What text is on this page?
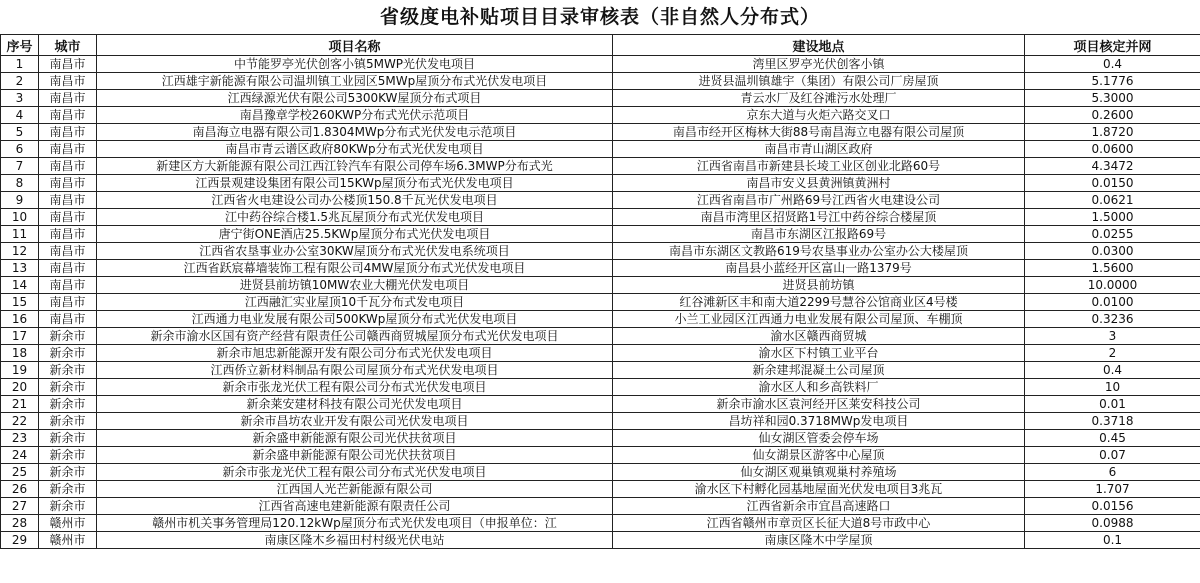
省级度电补贴项目目录审核表（非自然人分布式）
序号	城市	项目名称	建设地点	项目核定并网
1	南昌市	中节能罗亭光伏创客小镇5MWP光伏发电项目	湾里区罗亭光伏创客小镇	0.4
2	南昌市	江西雄宇新能源有限公司温圳镇工业园区5MWp屋顶分布式光伏发电项目	进贤县温圳镇雄宇（集团）有限公司厂房屋顶	5.1776
3	南昌市	江西绿源光伏有限公司5300KW屋顶分布式项目	青云水厂及红谷滩污水处理厂	5.3000
4	南昌市	南昌豫章学校260KWP分布式光伏示范项目	京东大道与火炬六路交叉口	0.2600
5	南昌市	南昌海立电器有限公司1.8304MWp分布式光伏发电示范项目	南昌市经开区梅林大街88号南昌海立电器有限公司屋顶	1.8720
6	南昌市	南昌市青云谱区政府80KWp分布式光伏发电项目	南昌市青山湖区政府	0.0600
7	南昌市	新建区方大新能源有限公司江西江铃汽车有限公司停车场6.3MWP分布式光	江西省南昌市新建县长堎工业区创业北路60号	4.3472
8	南昌市	江西景观建设集团有限公司15KWp屋顶分布式光伏发电项目	南昌市安义县黄洲镇黄洲村	0.0150
9	南昌市	江西省火电建设公司办公楼顶150.8千瓦光伏发电项目	江西省南昌市广州路69号江西省火电建设公司	0.0621
10	南昌市	江中药谷综合楼1.5兆瓦屋顶分布式光伏发电项目	南昌市湾里区招贤路1号江中药谷综合楼屋顶	1.5000
11	南昌市	唐宁街ONE酒店25.5KWp屋顶分布式光伏发电项目	南昌市东湖区江报路69号	0.0255
12	南昌市	江西省农垦事业办公室30KW屋顶分布式光伏发电系统项目	南昌市东湖区文教路619号农垦事业办公室办公大楼屋顶	0.0300
13	南昌市	江西省跃宸幕墙装饰工程有限公司4MW屋顶分布式光伏发电项目	南昌县小蓝经开区富山一路1379号	1.5600
14	南昌市	进贤县前坊镇10MW农业大棚光伏发电项目	进贤县前坊镇	10.0000
15	南昌市	江西融汇实业屋顶10千瓦分布式发电项目	红谷滩新区丰和南大道2299号慧谷公馆商业区4号楼	0.0100
16	南昌市	江西通力电业发展有限公司500KWp屋顶分布式光伏发电项目	小兰工业园区江西通力电业发展有限公司屋顶、车棚顶	0.3236
17	新余市	新余市渝水区国有资产经营有限责任公司赣西商贸城屋顶分布式光伏发电项目	渝水区赣西商贸城	3
18	新余市	新余市旭忠新能源开发有限公司分布式光伏发电项目	渝水区下村镇工业平台	2
19	新余市	江西侨立新材料制品有限公司屋顶分布式光伏发电项目	新余建邦混凝土公司屋顶	0.4
20	新余市	新余市张龙光伏工程有限公司分布式光伏发电项目	渝水区人和乡高铁料厂	10
21	新余市	新余莱安建材科技有限公司光伏发电项目	新余市渝水区袁河经开区莱安科技公司	0.01
22	新余市	新余市昌坊农业开发有限公司光伏发电项目	昌坊祥和园0.3718MWp发电项目	0.3718
23	新余市	新余盛申新能源有限公司光伏扶贫项目	仙女湖区管委会停车场	0.45
24	新余市	新余盛申新能源有限公司光伏扶贫项目	仙女湖景区游客中心屋顶	0.07
25	新余市	新余市张龙光伏工程有限公司分布式光伏发电项目	仙女湖区观巢镇观巢村养殖场	6
26	新余市	江西国人光芒新能源有限公司	渝水区下村孵化园基地屋面光伏发电项目3兆瓦	1.707
27	新余市	江西省高速电建新能源有限责任公司	江西省新余市宜昌高速路口	0.0156
28	赣州市	赣州市机关事务管理局120.12kWp屋顶分布式光伏发电项目（申报单位：江	江西省赣州市章贡区长征大道8号市政中心	0.0988
29	赣州市	南康区隆木乡福田村村级光伏电站	南康区隆木中学屋顶	0.1
